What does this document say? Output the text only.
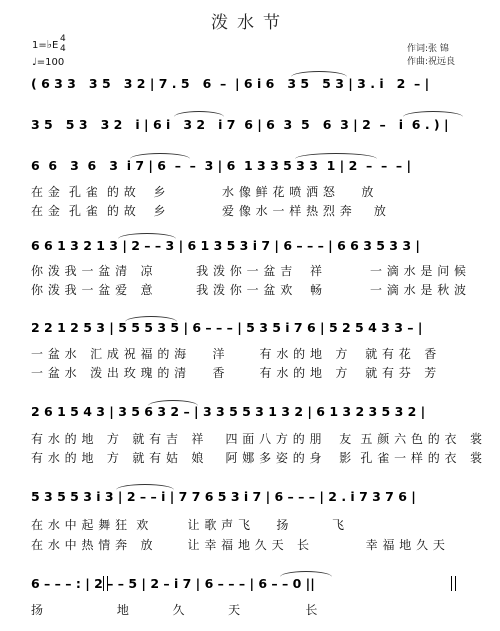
泼水节
1=♭E
4
4
♩=100
作词:张 锦
作曲:祝远良
( 6 3 3   3 5   3 2 | 7 . 5   6  –  | 6 i 6   3 5   5 3 | 3 . i   2  – |
3 5   5 3   3 2   i | 6 i   3 2   i 7  6 | 6  3  5   6  3 | 2  –   i  6 . ) |
6  6   3  6   3  i 7 | 6  –  –  3 | 6  1 3 3 5 3 3  1 | 2  –  –  – |
在 金  孔 雀  的 故    乡             水 像 鲜 花 喷 洒 怒      放
在 金  孔 雀  的 故    乡             爱 像 水 一 样 热 烈 奔     放
6 6 1 3 2 1 3 | 2 – – 3 | 6 1 3 5 3 i 7 | 6 – – – | 6 6 3 5 3 3 |
你 泼 我 一 盆 清   凉          我 泼 你 一 盆 吉    祥           一 滴 水 是 问 候
你 泼 我 一 盆 爱   意          我 泼 你 一 盆 欢    畅           一 滴 水 是 秋 波
2 2 1 2 5 3 | 5 5 5 3 5 | 6 – – – | 5 3 5 i 7 6 | 5 2 5 4 3 3 – |
一 盆 水   汇 成 祝 福 的 海      洋        有 水 的 地   方    就 有 花   香
一 盆 水   泼 出 玫 瑰 的 清      香        有 水 的 地   方    就 有 芬   芳
2 6 1 5 4 3 | 3 5 6 3 2 – | 3 3 5 5 3 1 3 2 | 6 1 3 2 3 5 3 2 |
有 水 的 地   方   就 有 吉   祥     四 面 八 方 的 朋    友  五 颜 六 色 的 衣   裳
有 水 的 地   方   就 有 姑   娘     阿 娜 多 姿 的 身    影  孔 雀 一 样 的 衣   裳
5 3 5 5 3 i 3 | 2 – – i | 7 7 6 5 3 i 7 | 6 – – – | 2 . i 7 3 7 6 |
在 水 中 起 舞 狂  欢         让 歌 声 飞      扬          飞
在 水 中 热 情 奔   放        让 幸 福 地 久 天   长             幸 福 地 久 天
6 – – – : | 2 – – 5 | 2 – i 7 | 6 – – – | 6 – – 0 ||
扬                 地          久          天               长
